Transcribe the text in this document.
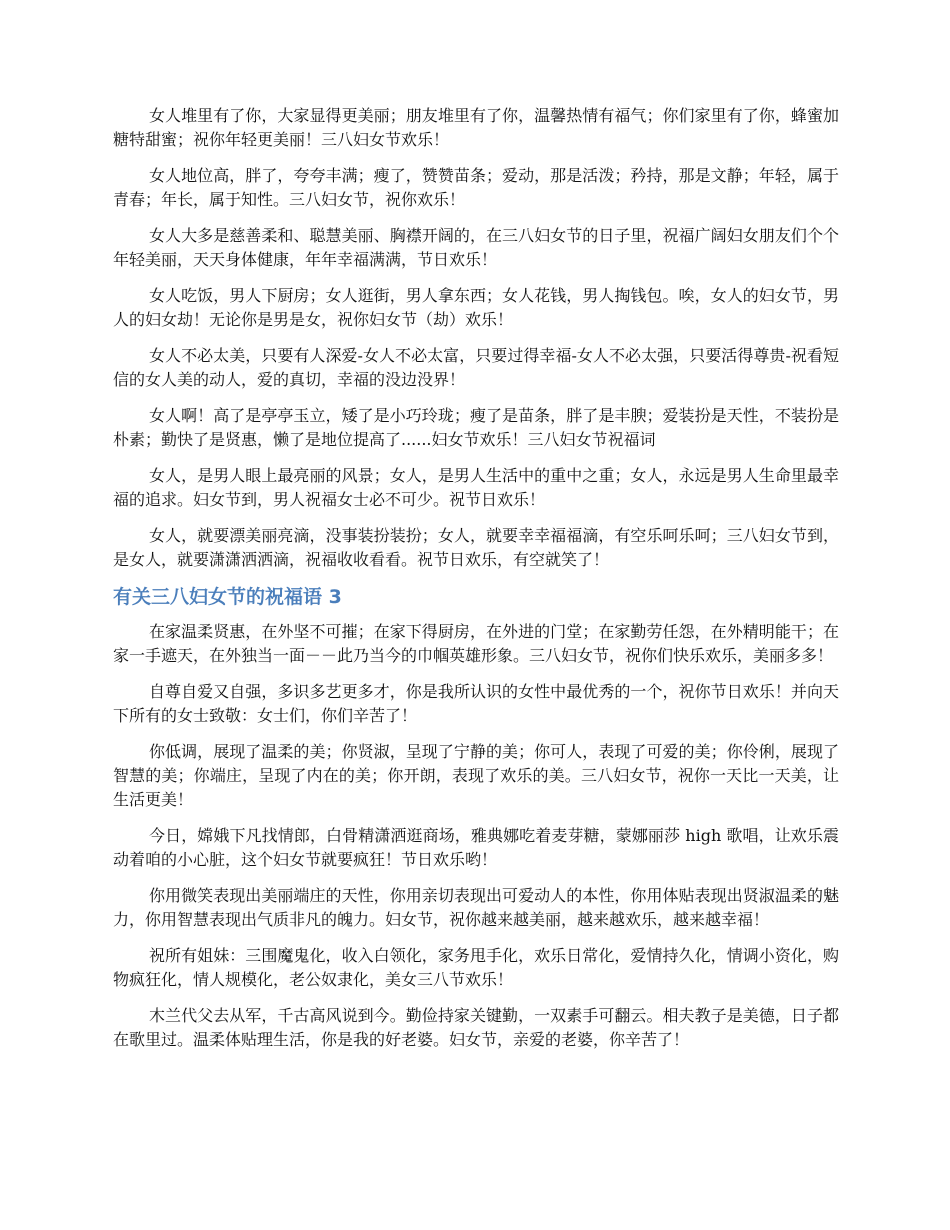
女人堆里有了你，大家显得更美丽；朋友堆里有了你，温馨热情有福气；你们家里有了你，蜂蜜加糖特甜蜜；祝你年轻更美丽！三八妇女节欢乐！

女人地位高，胖了，夸夸丰满；瘦了，赞赞苗条；爱动，那是活泼；矜持，那是文静；年轻，属于青春；年长，属于知性。三八妇女节，祝你欢乐！

女人大多是慈善柔和、聪慧美丽、胸襟开阔的，在三八妇女节的日子里，祝福广阔妇女朋友们个个年轻美丽，天天身体健康，年年幸福满满，节日欢乐！

女人吃饭，男人下厨房；女人逛街，男人拿东西；女人花钱，男人掏钱包。唉，女人的妇女节，男人的妇女劫！无论你是男是女，祝你妇女节（劫）欢乐！

女人不必太美，只要有人深爱-女人不必太富，只要过得幸福-女人不必太强，只要活得尊贵-祝看短信的女人美的动人，爱的真切，幸福的没边没界！

女人啊！高了是亭亭玉立，矮了是小巧玲珑；瘦了是苗条，胖了是丰腴；爱装扮是天性，不装扮是朴素；勤快了是贤惠，懒了是地位提高了......妇女节欢乐！三八妇女节祝福词

女人，是男人眼上最亮丽的风景；女人，是男人生活中的重中之重；女人，永远是男人生命里最幸福的追求。妇女节到，男人祝福女士必不可少。祝节日欢乐！

女人，就要漂美丽亮滴，没事装扮装扮；女人，就要幸幸福福滴，有空乐呵乐呵；三八妇女节到，是女人，就要潇潇洒洒滴，祝福收收看看。祝节日欢乐，有空就笑了！

有关三八妇女节的祝福语 3

在家温柔贤惠，在外坚不可摧；在家下得厨房，在外进的门堂；在家勤劳任怨，在外精明能干；在家一手遮天，在外独当一面－－此乃当今的巾帼英雄形象。三八妇女节，祝你们快乐欢乐，美丽多多！

自尊自爱又自强，多识多艺更多才，你是我所认识的女性中最优秀的一个，祝你节日欢乐！并向天下所有的女士致敬：女士们，你们辛苦了！

你低调，展现了温柔的美；你贤淑，呈现了宁静的美；你可人，表现了可爱的美；你伶俐，展现了智慧的美；你端庄，呈现了内在的美；你开朗，表现了欢乐的美。三八妇女节，祝你一天比一天美，让生活更美！

今日，嫦娥下凡找情郎，白骨精潇洒逛商场，雅典娜吃着麦芽糖，蒙娜丽莎 high 歌唱，让欢乐震动着咱的小心脏，这个妇女节就要疯狂！节日欢乐哟！

你用微笑表现出美丽端庄的天性，你用亲切表现出可爱动人的本性，你用体贴表现出贤淑温柔的魅力，你用智慧表现出气质非凡的魄力。妇女节，祝你越来越美丽，越来越欢乐，越来越幸福！

祝所有姐妹：三围魔鬼化，收入白领化，家务甩手化，欢乐日常化，爱情持久化，情调小资化，购物疯狂化，情人规模化，老公奴隶化，美女三八节欢乐！

木兰代父去从军，千古高风说到今。勤俭持家关键勤，一双素手可翻云。相夫教子是美德，日子都在歌里过。温柔体贴理生活，你是我的好老婆。妇女节，亲爱的老婆，你辛苦了！
